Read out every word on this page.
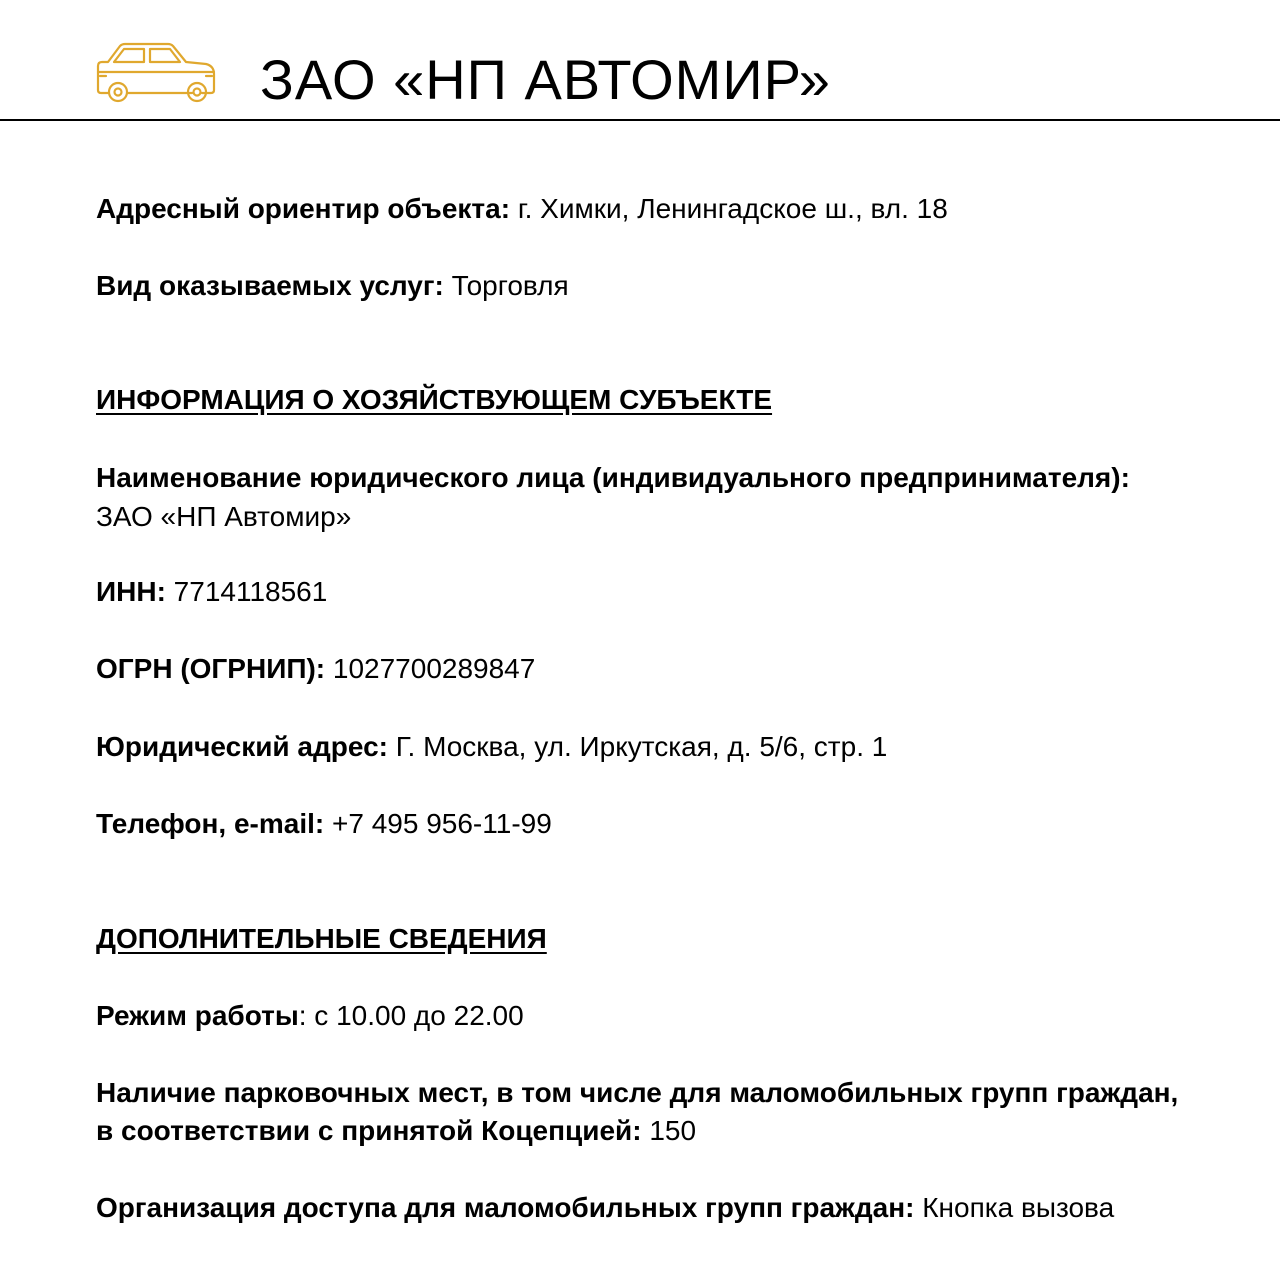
ЗАО «НП АВТОМИР»
Адресный ориентир объекта: г. Химки, Ленингадское ш., вл. 18
Вид оказываемых услуг: Торговля
ИНФОРМАЦИЯ О ХОЗЯЙСТВУЮЩЕМ СУБЪЕКТЕ
Наименование юридического лица (индивидуального предпринимателя):
ЗАО «НП Автомир»
ИНН: 7714118561
ОГРН (ОГРНИП): 1027700289847
Юридический адрес: Г. Москва, ул. Иркутская, д. 5/6, стр. 1
Телефон, e-mail: +7 495 956-11-99
ДОПОЛНИТЕЛЬНЫЕ СВЕДЕНИЯ
Режим работы: с 10.00 до 22.00
Наличие парковочных мест, в том числе для маломобильных групп граждан,
в соответствии с принятой Коцепцией: 150
Организация доступа для маломобильных групп граждан: Кнопка вызова
